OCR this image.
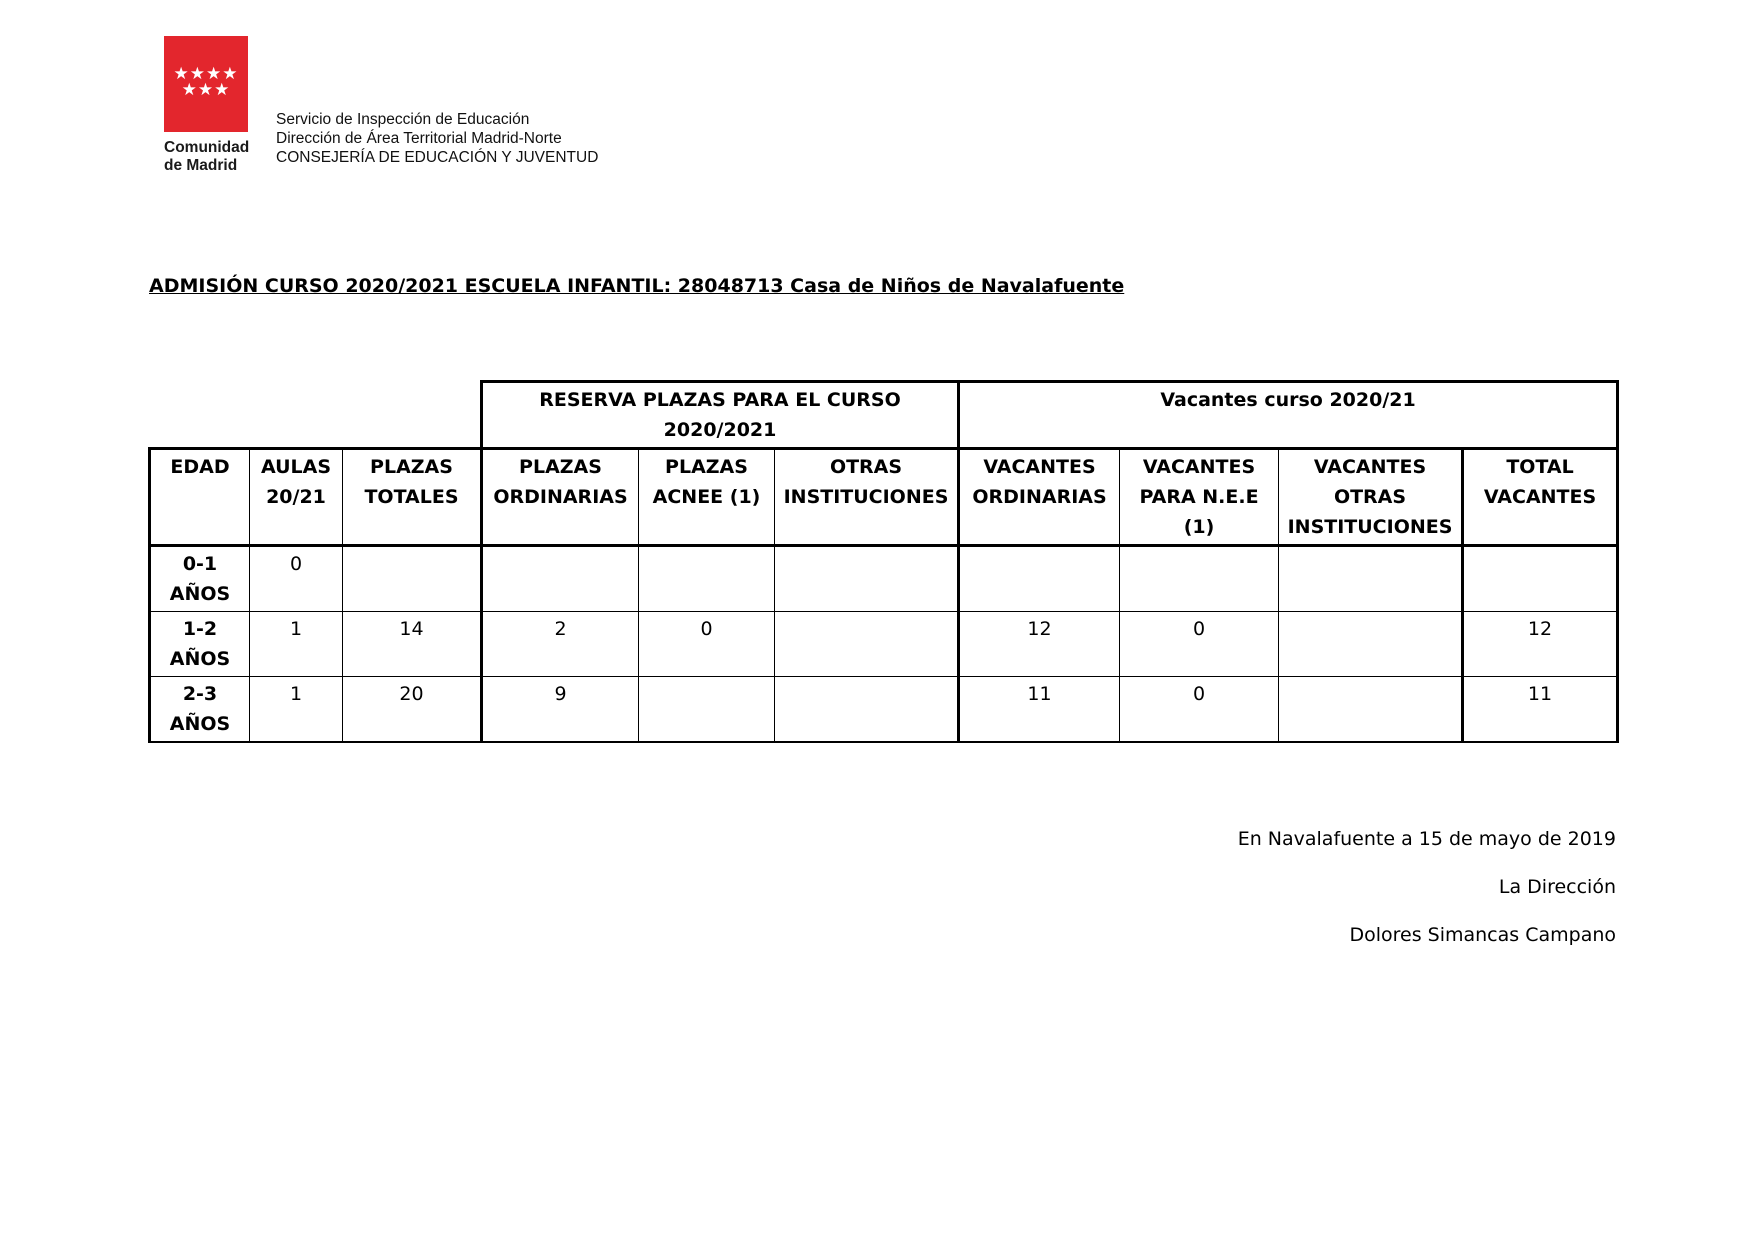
★★★★
★★★
Comunidad
de Madrid
Servicio de Inspección de Educación
Dirección de Área Territorial Madrid-Norte
CONSEJERÍA DE EDUCACIÓN Y JUVENTUD
ADMISIÓN CURSO 2020/2021 ESCUELA INFANTIL: 28048713 Casa de Niños de Navalafuente
			RESERVA PLAZAS PARA EL CURSO 2020/2021			Vacantes curso 2020/21			
EDAD	AULAS 20/21	PLAZAS TOTALES	PLAZAS ORDINARIAS	PLAZAS ACNEE (1)	OTRAS INSTITUCIONES	VACANTES ORDINARIAS	VACANTES PARA N.E.E (1)	VACANTES OTRAS INSTITUCIONES	TOTAL VACANTES
0-1 AÑOS	0								
1-2 AÑOS	1	14	2	0		12	0		12
2-3 AÑOS	1	20	9			11	0		11
En Navalafuente a 15 de mayo de 2019
La Dirección
Dolores Simancas Campano
